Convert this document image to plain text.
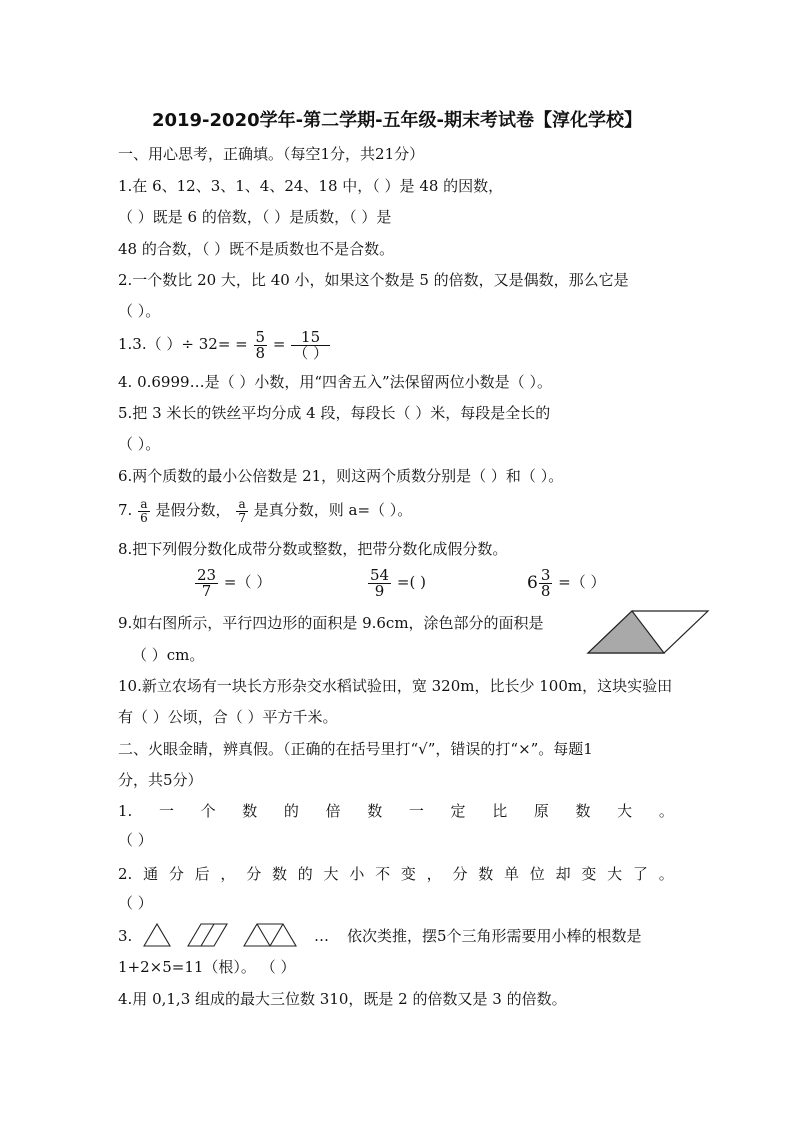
2019-2020学年-第二学期-五年级-期末考试卷【淳化学校】
一、用心思考，正确填。（每空1分，共21分）
1.在 6、12、3、1、4、24、18 中，（ ）是 48 的因数，
（ ）既是 6 的倍数，（ ）是质数，（ ）是
48 的合数，（ ）既不是质数也不是合数。
2.一个数比 20 大，比 40 小，如果这个数是 5 的倍数，又是偶数，那么它是
（ ）。
1.3.（ ）÷ $32= = \frac{5}{8} = \frac{15}{( )}$
4. 0.6999…是（ ）小数，用“四舍五入”法保留两位小数是（ ）。
5.把 3 米长的铁丝平均分成 4 段，每段长（ ）米，每段是全长的
（ ）。
6.两个质数的最小公倍数是 21，则这两个质数分别是（ ）和（ ）。
7. $\frac{a}{6}$ 是假分数， $\frac{a}{7}$ 是真分数，则 a=（ ）。
8.把下列假分数化成带分数或整数，把带分数化成假分数。
$\frac{23}{7}$ =（ ）	$\frac{54}{9}$ =( )	$6 \frac{3}{8}$ =（ ）
9.如右图所示，平行四边形的面积是 9.6cm，涂色部分的面积是
（ ）cm。
10.新立农场有一块长方形杂交水稻试验田，宽 320m，比长少 100m，这块实验田
有（ ）公顷，合（ ）平方千米。
二、火眼金睛，辨真假。（正确的在括号里打“√”，错误的打“×”。每题1
分，共5分）
1. 一 个 数 的 倍 数 一 定 比 原 数 大 。
（ ）
2. 通 分 后 ， 分 数 的 大 小 不 变 ， 分 数 单 位 却 变 大 了 。
（ ）
3.	… 依次类推，摆5个三角形需要用小棒的根数是
1+2×5=11（根）。 （ ）
4.用 0,1,3 组成的最大三位数 310，既是 2 的倍数又是 3 的倍数。
